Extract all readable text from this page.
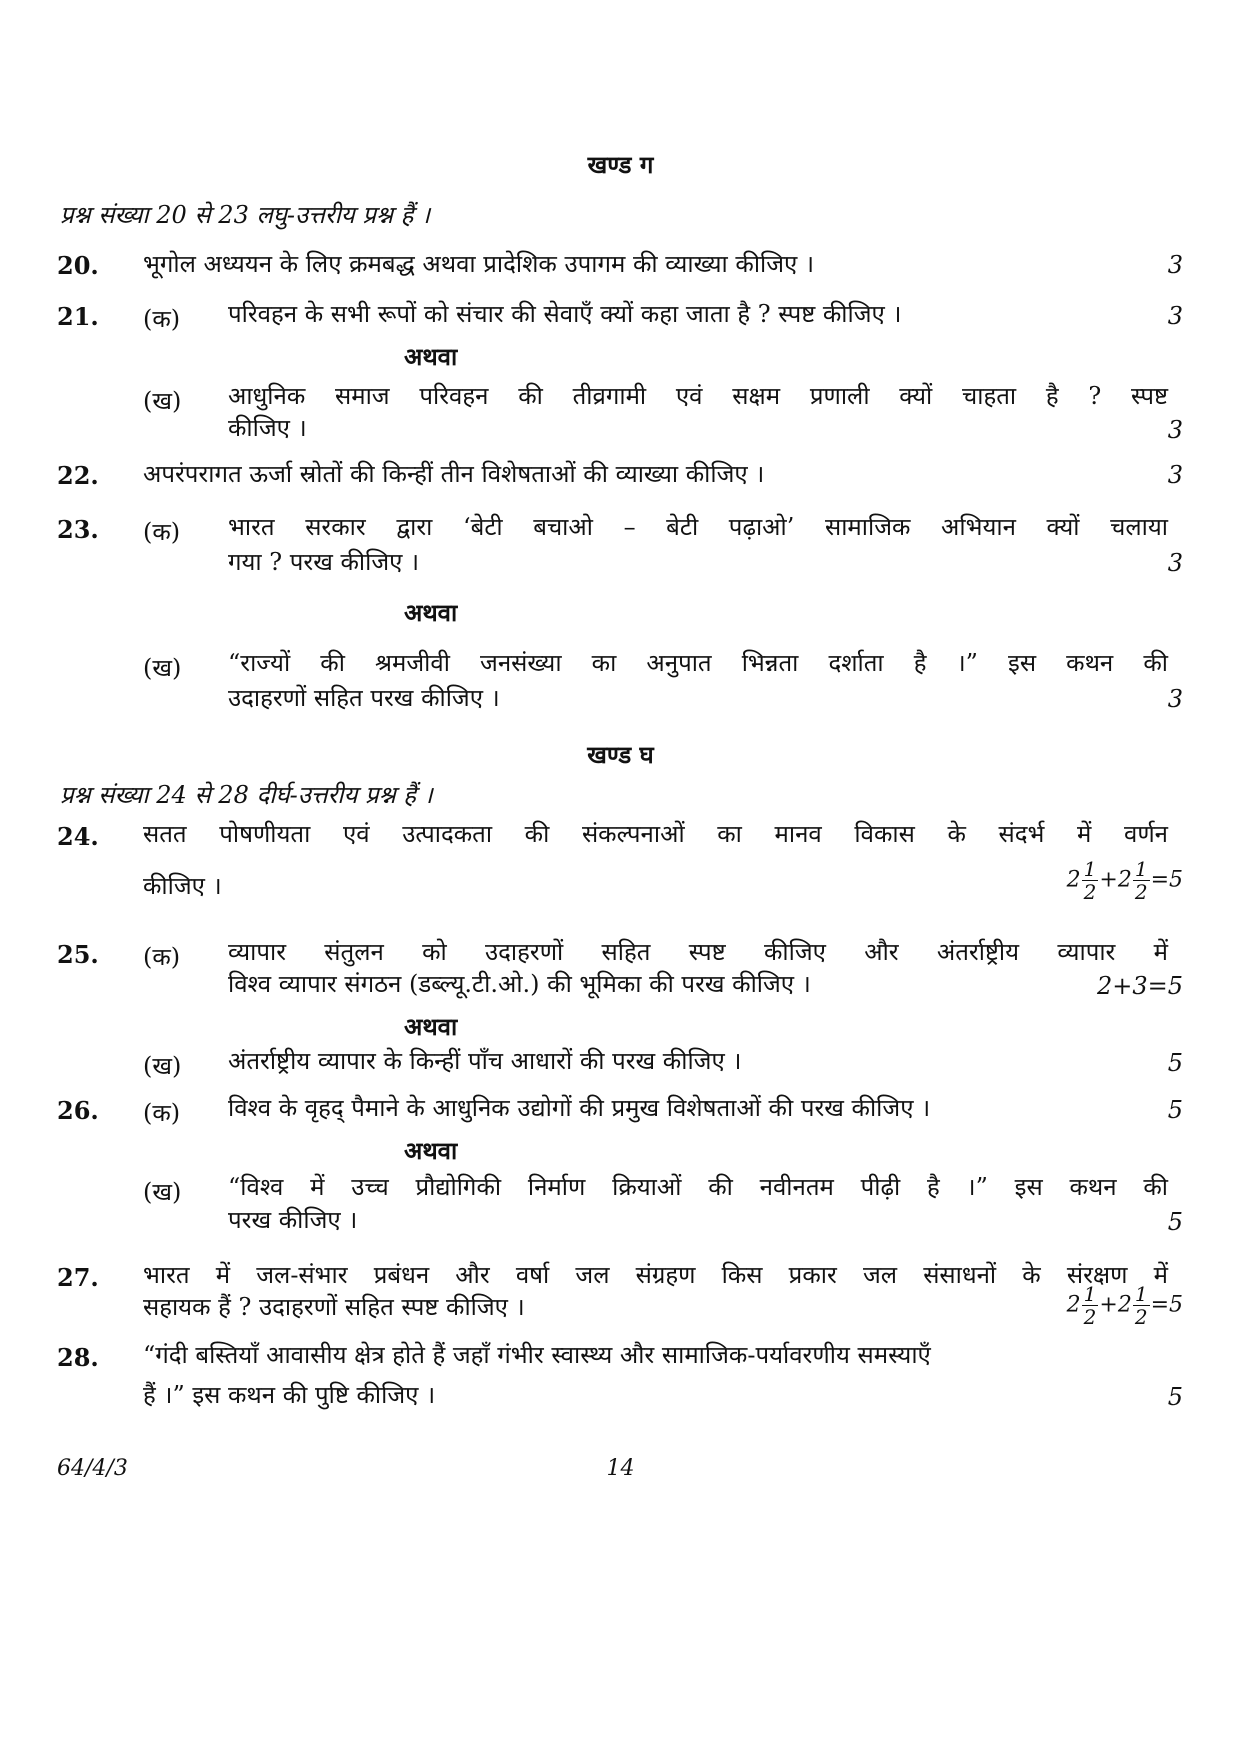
खण्ड ग
प्रश्न संख्या 20 से 23 लघु-उत्तरीय प्रश्न हैं ।
20. भूगोल अध्ययन के लिए क्रमबद्ध अथवा प्रादेशिक उपागम की व्याख्या कीजिए ।	3
21. (क) परिवहन के सभी रूपों को संचार की सेवाएँ क्यों कहा जाता है ? स्पष्ट कीजिए ।	3
अथवा
(ख) आधुनिक समाज परिवहन की तीव्रगामी एवं सक्षम प्रणाली क्यों चाहता है ? स्पष्ट
कीजिए ।	3
22. अपरंपरागत ऊर्जा स्रोतों की किन्हीं तीन विशेषताओं की व्याख्या कीजिए ।	3
23. (क) भारत सरकार द्वारा ‘बेटी बचाओ – बेटी पढ़ाओ’ सामाजिक अभियान क्यों चलाया
गया ? परख कीजिए ।	3
अथवा
(ख) “राज्यों की श्रमजीवी जनसंख्या का अनुपात भिन्नता दर्शाता है ।” इस कथन की
उदाहरणों सहित परख कीजिए ।	3
खण्ड घ
प्रश्न संख्या 24 से 28 दीर्घ-उत्तरीय प्रश्न हैं ।
24. सतत पोषणीयता एवं उत्पादकता की संकल्पनाओं का मानव विकास के संदर्भ में वर्णन
कीजिए ।	$2 \frac{1}{2} +2 \frac{1}{2} =5$
25. (क) व्यापार संतुलन को उदाहरणों सहित स्पष्ट कीजिए और अंतर्राष्ट्रीय व्यापार में
विश्व व्यापार संगठन (डब्ल्यू.टी.ओ.) की भूमिका की परख कीजिए ।	2+3=5
अथवा
(ख) अंतर्राष्ट्रीय व्यापार के किन्हीं पाँच आधारों की परख कीजिए ।	5
26. (क) विश्व के वृहद् पैमाने के आधुनिक उद्योगों की प्रमुख विशेषताओं की परख कीजिए ।	5
अथवा
(ख) “विश्व में उच्च प्रौद्योगिकी निर्माण क्रियाओं की नवीनतम पीढ़ी है ।” इस कथन की
परख कीजिए ।	5
27. भारत में जल-संभार प्रबंधन और वर्षा जल संग्रहण किस प्रकार जल संसाधनों के संरक्षण में
सहायक हैं ? उदाहरणों सहित स्पष्ट कीजिए ।	$2 \frac{1}{2} +2 \frac{1}{2} =5$
28. “गंदी बस्तियाँ आवासीय क्षेत्र होते हैं जहाँ गंभीर स्वास्थ्य और सामाजिक-पर्यावरणीय समस्याएँ
हैं ।” इस कथन की पुष्टि कीजिए ।	5
64/4/3	14
